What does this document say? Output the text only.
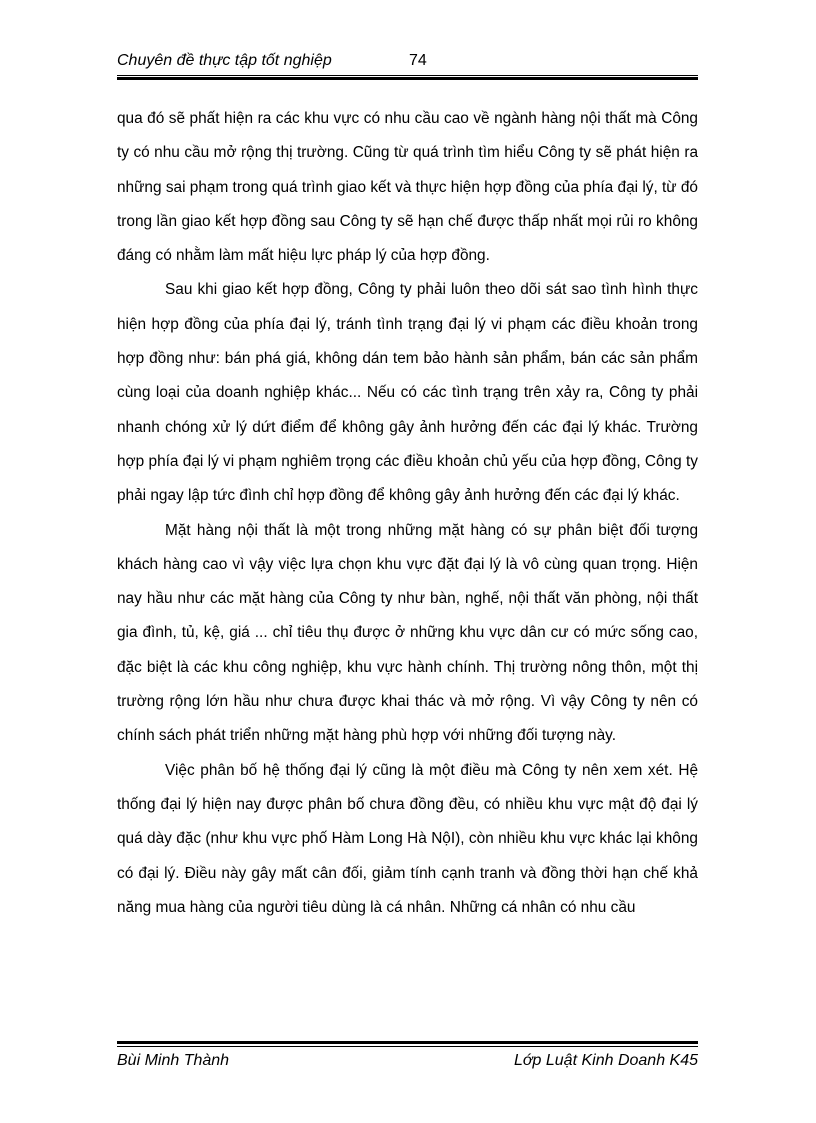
Chuyên đề thực tập tốt nghiệp	74

qua đó sẽ phất hiện ra các khu vực có nhu cầu cao về ngành hàng nội thất mà Công ty có nhu cầu mở rộng thị trường. Cũng từ quá trình tìm hiểu Công ty sẽ phát hiện ra những sai phạm trong quá trình giao kết và thực hiện hợp đồng của phía đại lý, từ đó trong lần giao kết hợp đồng sau Công ty sẽ hạn chế được thấp nhất mọi rủi ro không đáng có nhằm làm mất hiệu lực pháp lý của hợp đồng.

Sau khi giao kết hợp đồng, Công ty phải luôn theo dõi sát sao tình hình thực hiện hợp đồng của phía đại lý, tránh tình trạng đại lý vi phạm các điều khoản trong hợp đồng như: bán phá giá, không dán tem bảo hành sản phẩm, bán các sản phẩm cùng loại của doanh nghiệp khác... Nếu có các tình trạng trên xảy ra, Công ty phải nhanh chóng xử lý dứt điểm để không gây ảnh hưởng đến các đại lý khác. Trường hợp phía đại lý vi phạm nghiêm trọng các điều khoản chủ yếu của hợp đồng, Công ty phải ngay lập tức đình chỉ hợp đồng để không gây ảnh hưởng đến các đại lý khác.

Mặt hàng nội thất là một trong những mặt hàng có sự phân biệt đối tượng khách hàng cao vì vậy việc lựa chọn khu vực đặt đại lý là vô cùng quan trọng. Hiện nay hầu như các mặt hàng của Công ty như bàn, nghế, nội thất văn phòng, nội thất gia đình, tủ, kệ, giá ... chỉ tiêu thụ được ở những khu vực dân cư có mức sống cao, đặc biệt là các khu công nghiệp, khu vực hành chính. Thị trường nông thôn, một thị trường rộng lớn hầu như chưa được khai thác và mở rộng. Vì vậy Công ty nên có chính sách phát triển những mặt hàng phù hợp với những đối tượng này.

Việc phân bố hệ thống đại lý cũng là một điều mà Công ty nên xem xét. Hệ thống đại lý hiện nay được phân bố chưa đồng đều, có nhiều khu vực mật độ đại lý quá dày đặc (như khu vực phố Hàm Long Hà NộI), còn nhiều khu vực khác lại không có đại lý. Điều này gây mất cân đối, giảm tính cạnh tranh và đồng thời hạn chế khả năng mua hàng của người tiêu dùng là cá nhân. Những cá nhân có nhu cầu

Bùi Minh Thành	Lớp Luật Kinh Doanh K45
